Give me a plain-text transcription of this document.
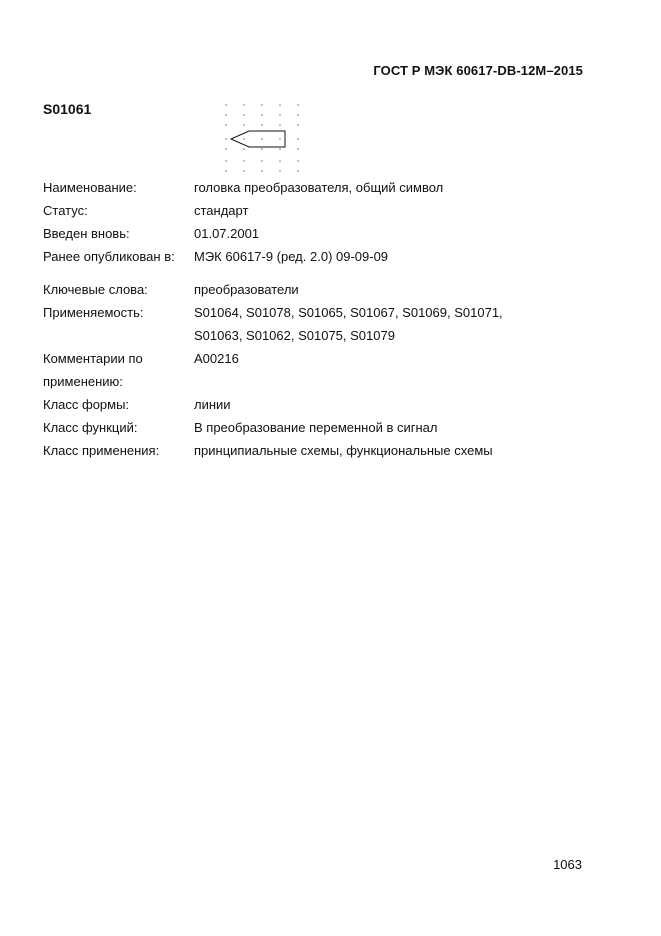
ГОСТ Р МЭК 60617-DB-12M–2015
S01061
Наименование:	головка преобразователя, общий символ
Статус:	стандарт
Введен вновь:	01.07.2001
Ранее опубликован в: МЭК 60617-9 (ред. 2.0) 09-09-09
Ключевые слова:	преобразователи
Применяемость:	S01064, S01078, S01065, S01067, S01069, S01071,
S01063, S01062, S01075, S01079
Комментарии по	A00216
применению:
Класс формы:	линии
Класс функций:	В преобразование переменной в сигнал
Класс применения:	принципиальные схемы, функциональные схемы
1063
